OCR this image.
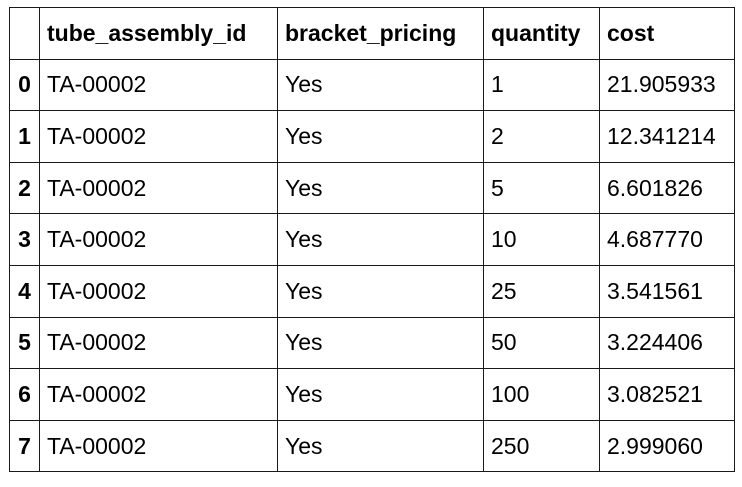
	tube_assembly_id	bracket_pricing	quantity	cost
0	TA-00002	Yes	1	21.905933
1	TA-00002	Yes	2	12.341214
2	TA-00002	Yes	5	6.601826
3	TA-00002	Yes	10	4.687770
4	TA-00002	Yes	25	3.541561
5	TA-00002	Yes	50	3.224406
6	TA-00002	Yes	100	3.082521
7	TA-00002	Yes	250	2.999060
